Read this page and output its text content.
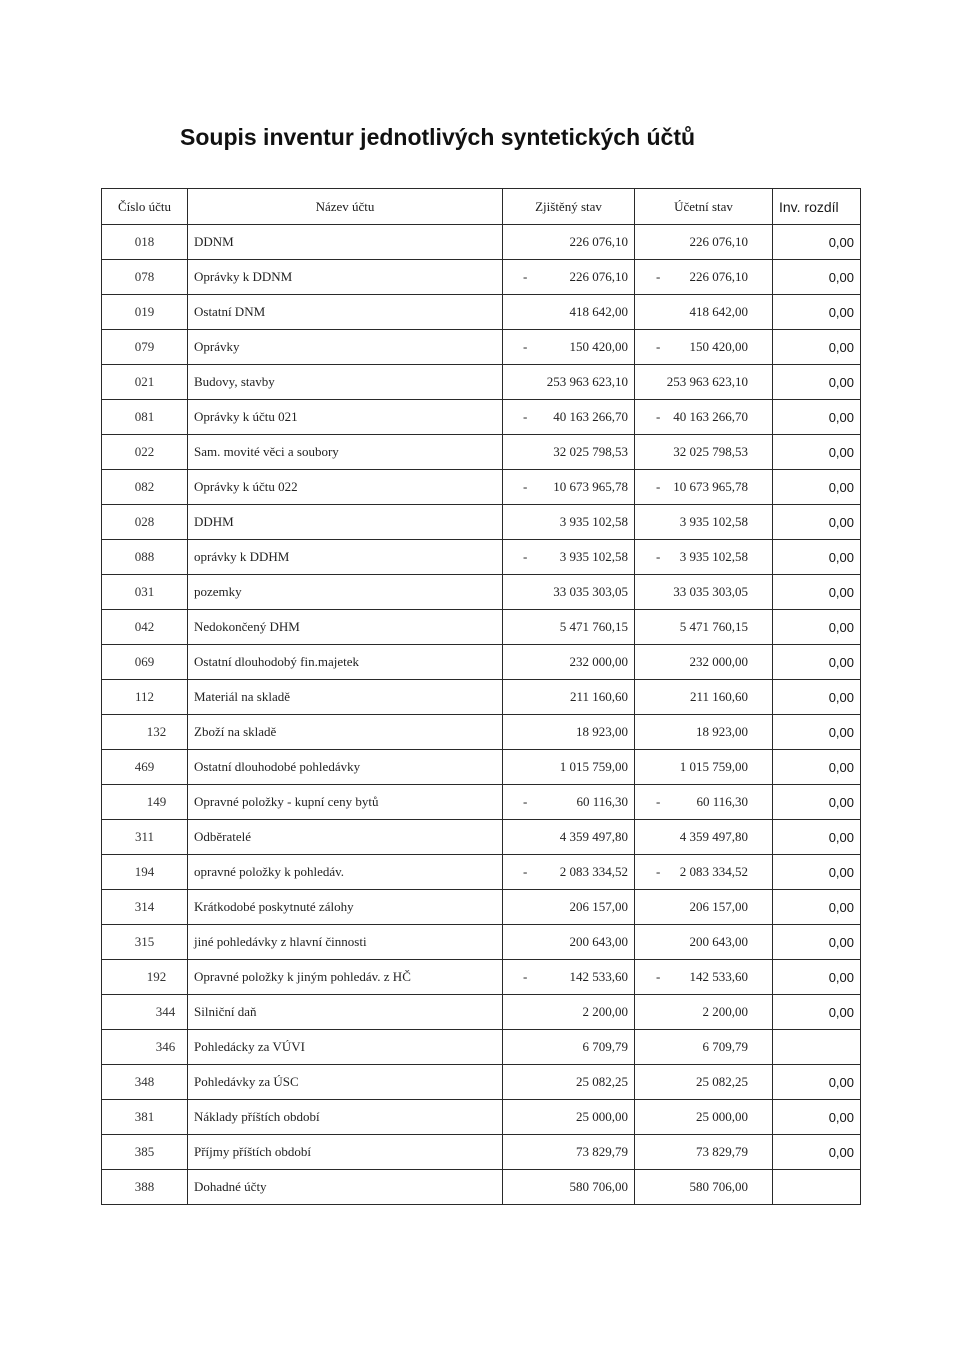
Soupis inventur jednotlivých syntetických účtů
Číslo účtu	Název účtu	Zjištěný stav	Účetní stav	Inv. rozdíl
018	DDNM	226 076,10	226 076,10	0,00
078	Oprávky k DDNM	- 226 076,10	- 226 076,10	0,00
019	Ostatní DNM	418 642,00	418 642,00	0,00
079	Oprávky	- 150 420,00	- 150 420,00	0,00
021	Budovy, stavby	253 963 623,10	253 963 623,10	0,00
081	Oprávky k účtu 021	- 40 163 266,70	- 40 163 266,70	0,00
022	Sam. movité věci a soubory	32 025 798,53	32 025 798,53	0,00
082	Oprávky k účtu 022	- 10 673 965,78	- 10 673 965,78	0,00
028	DDHM	3 935 102,58	3 935 102,58	0,00
088	oprávky k DDHM	- 3 935 102,58	- 3 935 102,58	0,00
031	pozemky	33 035 303,05	33 035 303,05	0,00
042	Nedokončený DHM	5 471 760,15	5 471 760,15	0,00
069	Ostatní dlouhodobý fin.majetek	232 000,00	232 000,00	0,00
112	Materiál na skladě	211 160,60	211 160,60	0,00
132	Zboží na skladě	18 923,00	18 923,00	0,00
469	Ostatní dlouhodobé pohledávky	1 015 759,00	1 015 759,00	0,00
149	Opravné položky - kupní ceny bytů	- 60 116,30	- 60 116,30	0,00
311	Odběratelé	4 359 497,80	4 359 497,80	0,00
194	opravné položky k pohledáv.	- 2 083 334,52	- 2 083 334,52	0,00
314	Krátkodobé poskytnuté zálohy	206 157,00	206 157,00	0,00
315	jiné pohledávky z hlavní činnosti	200 643,00	200 643,00	0,00
192	Opravné položky k jiným pohledáv. z HČ	- 142 533,60	- 142 533,60	0,00
344	Silniční daň	2 200,00	2 200,00	0,00
346	Pohledácky za VÚVI	6 709,79	6 709,79	
348	Pohledávky za ÚSC	25 082,25	25 082,25	0,00
381	Náklady příštích období	25 000,00	25 000,00	0,00
385	Příjmy příštích období	73 829,79	73 829,79	0,00
388	Dohadné účty	580 706,00	580 706,00	
